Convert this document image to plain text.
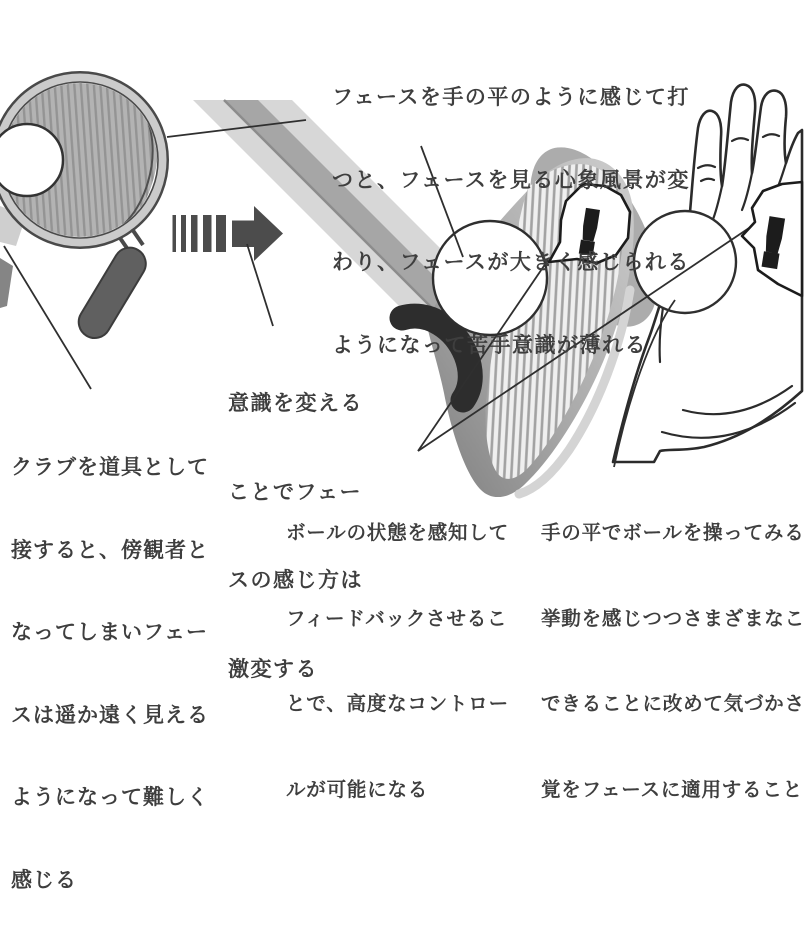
! !

フェースを手の平のように感じて打

つと、フェースを見る心象風景が変

わり、フェースが大きく感じられる

ようになって苦手意識が薄れる

意識を変える

ことでフェー

スの感じ方は

激変する

クラブを道具として

接すると、傍観者と

なってしまいフェー

スは遥か遠く見える

ようになって難しく

感じる

ボールの状態を感知して

フィードバックさせるこ

とで、高度なコントロー

ルが可能になる

手の平でボールを操ってみる

挙動を感じつつさまざまなこ

できることに改めて気づかさ

覚をフェースに適用すること
